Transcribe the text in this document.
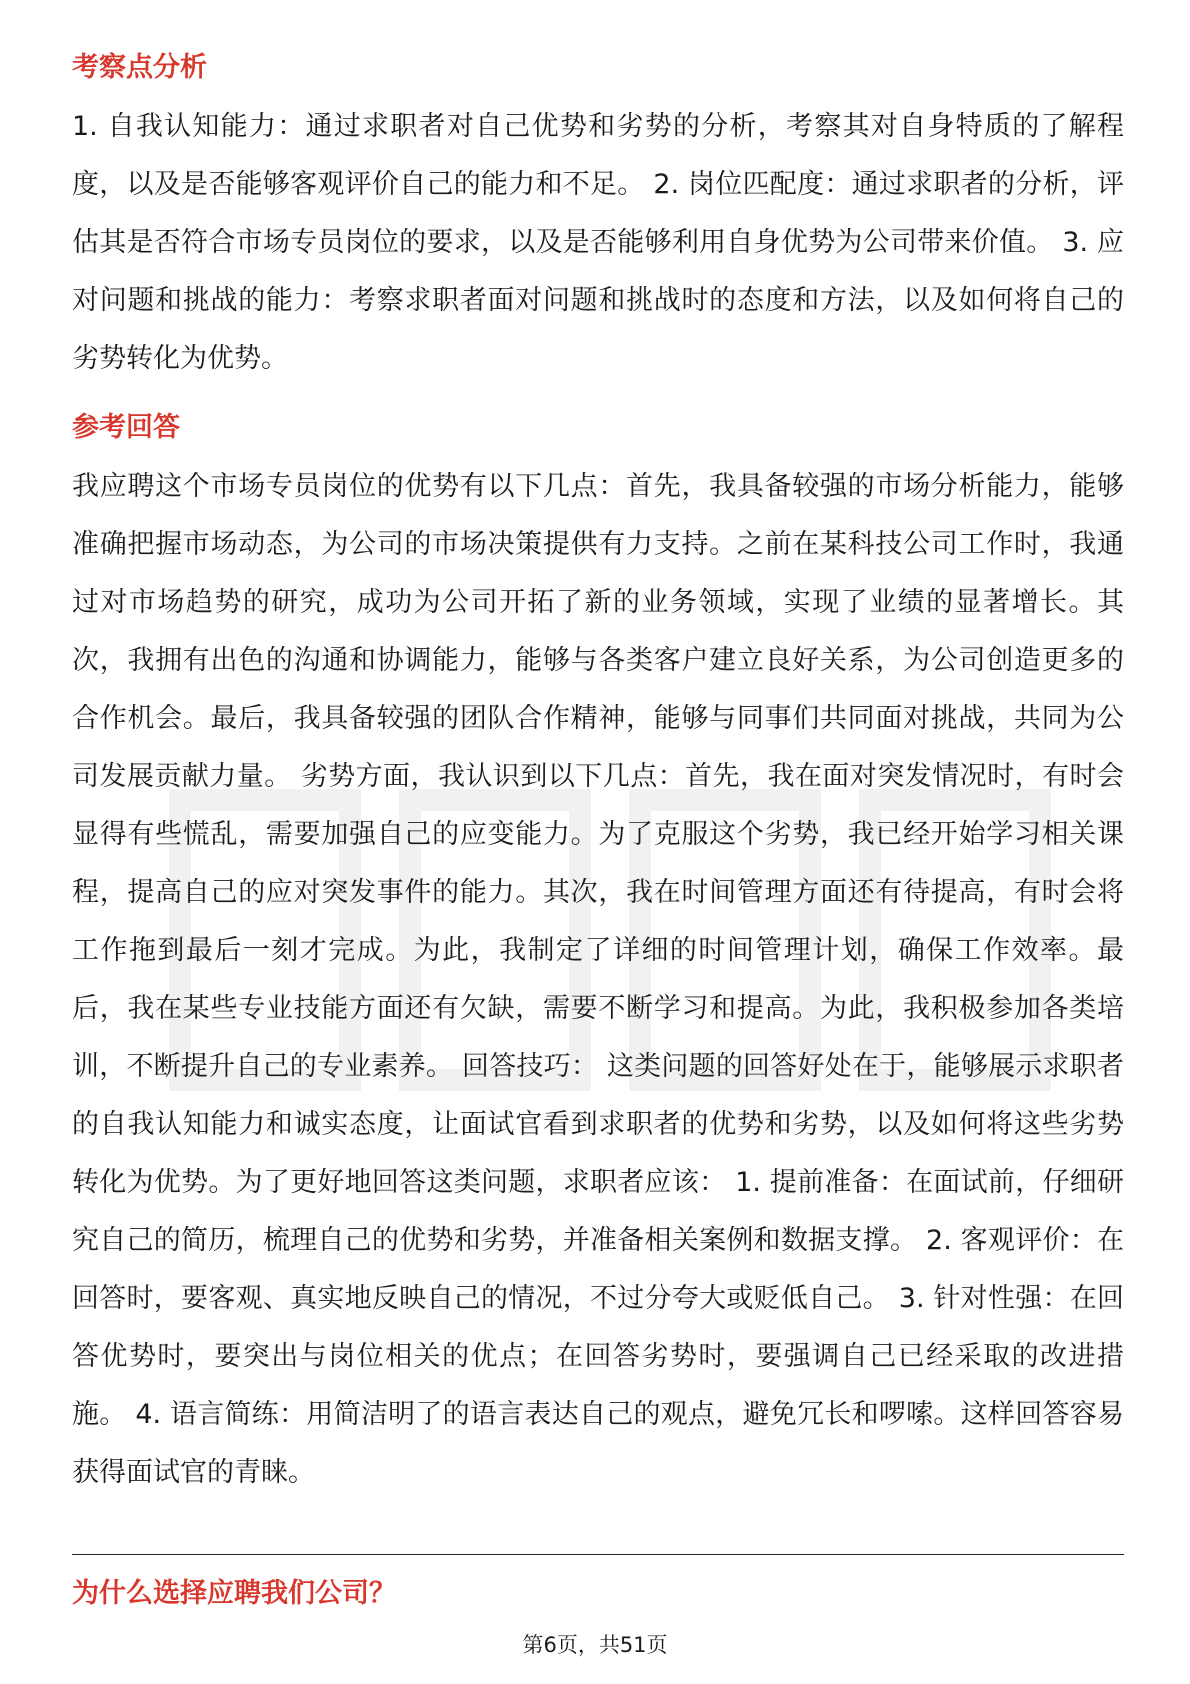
考察点分析

1. 自我认知能力：通过求职者对自己优势和劣势的分析，考察其对自身特质的了解程度，以及是否能够客观评价自己的能力和不足。 2. 岗位匹配度：通过求职者的分析，评估其是否符合市场专员岗位的要求，以及是否能够利用自身优势为公司带来价值。 3. 应对问题和挑战的能力：考察求职者面对问题和挑战时的态度和方法，以及如何将自己的劣势转化为优势。

参考回答

我应聘这个市场专员岗位的优势有以下几点：首先，我具备较强的市场分析能力，能够准确把握市场动态，为公司的市场决策提供有力支持。之前在某科技公司工作时，我通过对市场趋势的研究，成功为公司开拓了新的业务领域，实现了业绩的显著增长。其次，我拥有出色的沟通和协调能力，能够与各类客户建立良好关系，为公司创造更多的合作机会。最后，我具备较强的团队合作精神，能够与同事们共同面对挑战，共同为公司发展贡献力量。 劣势方面，我认识到以下几点：首先，我在面对突发情况时，有时会显得有些慌乱，需要加强自己的应变能力。为了克服这个劣势，我已经开始学习相关课程，提高自己的应对突发事件的能力。其次，我在时间管理方面还有待提高，有时会将工作拖到最后一刻才完成。为此，我制定了详细的时间管理计划，确保工作效率。最后，我在某些专业技能方面还有欠缺，需要不断学习和提高。为此，我积极参加各类培训，不断提升自己的专业素养。 回答技巧： 这类问题的回答好处在于，能够展示求职者的自我认知能力和诚实态度，让面试官看到求职者的优势和劣势，以及如何将这些劣势转化为优势。为了更好地回答这类问题，求职者应该： 1. 提前准备：在面试前，仔细研究自己的简历，梳理自己的优势和劣势，并准备相关案例和数据支撑。 2. 客观评价：在回答时，要客观、真实地反映自己的情况，不过分夸大或贬低自己。 3. 针对性强：在回答优势时，要突出与岗位相关的优点；在回答劣势时，要强调自己已经采取的改进措施。 4. 语言简练：用简洁明了的语言表达自己的观点，避免冗长和啰嗦。这样回答容易获得面试官的青睐。

为什么选择应聘我们公司？
第6页，共51页
